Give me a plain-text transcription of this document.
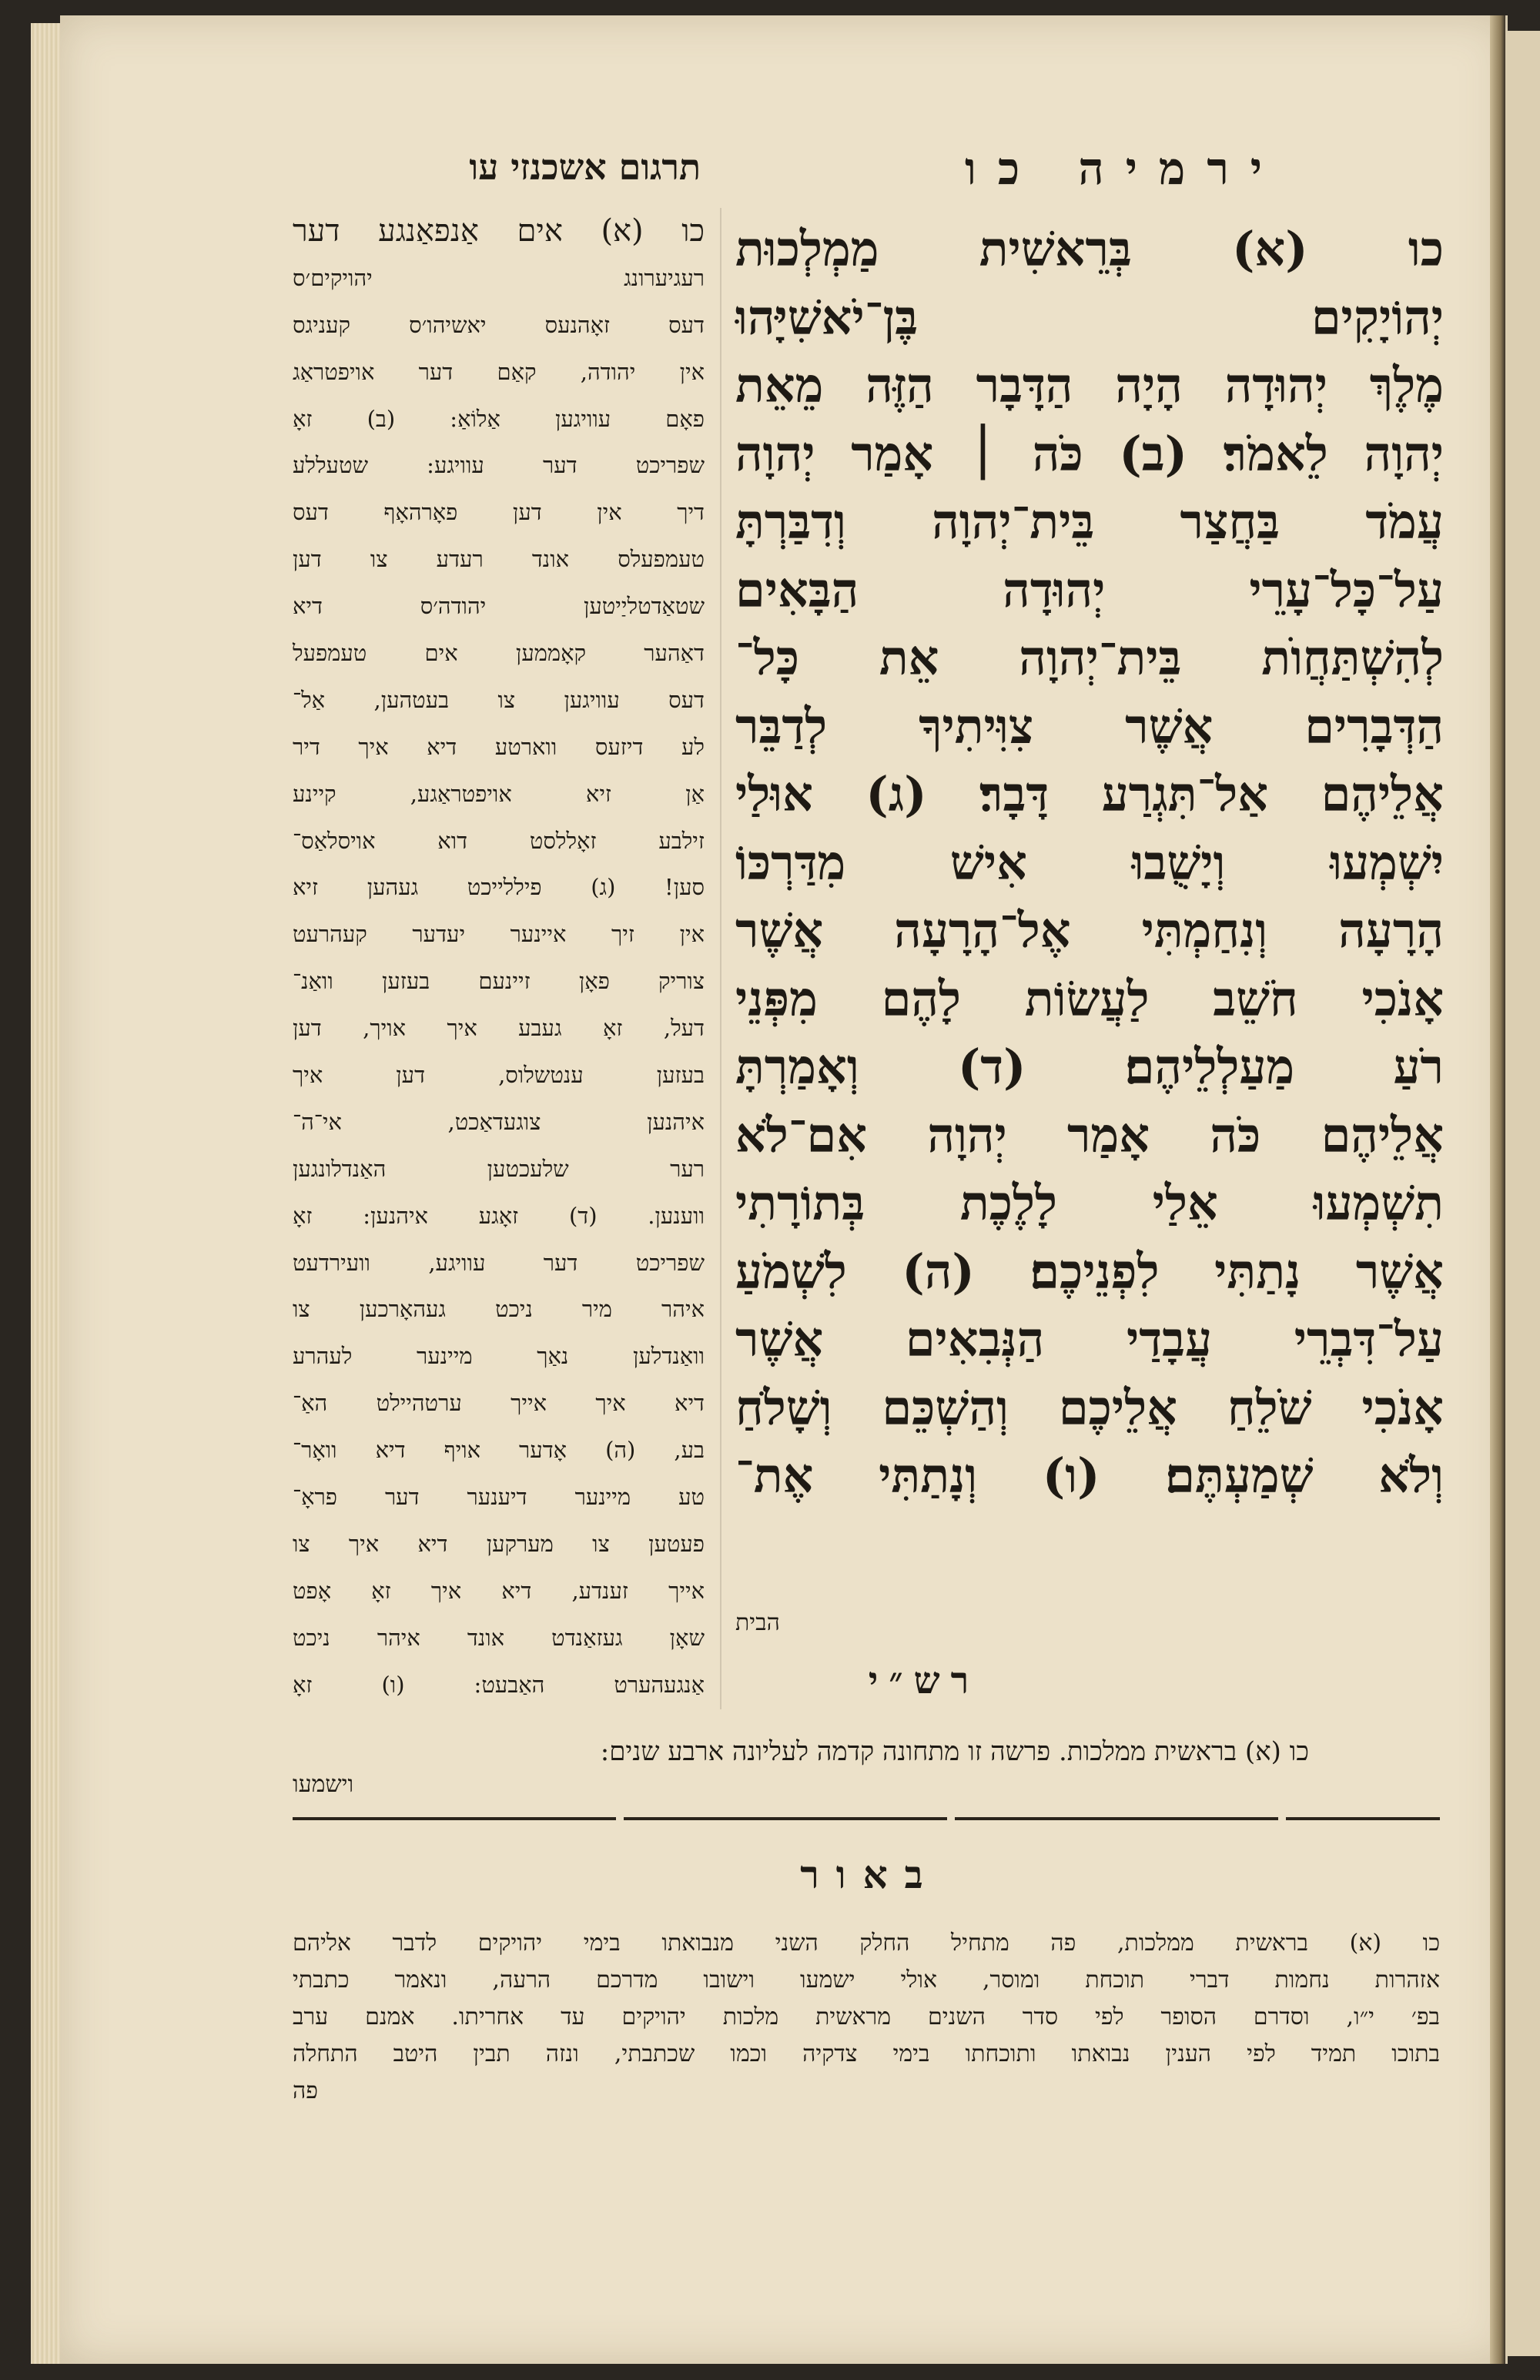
ירמיה כו
תרגום אשכנזי עו
כו (א) בְּרֵאשִׁית מַמְלְכוּת
יְהוֹיָקִים בֶּן־יֹאשִׁיָּהוּ
מֶלֶךְ יְהוּדָה הָיָה הַדָּבָר הַזֶּה מֵאֵת
יְהוָה לֵאמֹר׃ (ב) כֹּה ׀ אָמַר יְהוָה
עֲמֹד בַּחֲצַר בֵּית־יְהוָה וְדִבַּרְתָּ
עַל־כָּל־עָרֵי יְהוּדָה הַבָּאִים
לְהִשְׁתַּחֲוֺת בֵּית־יְהוָה אֵת כָּל־
הַדְּבָרִים אֲשֶׁר צִוִּיתִיךָ לְדַבֵּר
אֲלֵיהֶם אַל־תִּגְרַע דָּבָר׃ (ג) אוּלַי
יִשְׁמְעוּ וְיָשֻׁבוּ אִישׁ מִדַּרְכּוֹ
הָרָעָה וְנִחַמְתִּי אֶל־הָרָעָה אֲשֶׁר
אָנֹכִי חֹשֵׁב לַעֲשׂוֹת לָהֶם מִפְּנֵי
רֹעַ מַעַלְלֵיהֶם׃ (ד) וְאָמַרְתָּ
אֲלֵיהֶם כֹּה אָמַר יְהוָה אִם־לֹא
תִשְׁמְעוּ אֵלַי לָלֶכֶת בְּתוֹרָתִי
אֲשֶׁר נָתַתִּי לִפְנֵיכֶם׃ (ה) לִשְׁמֹעַ
עַל־דִּבְרֵי עֲבָדַי הַנְּבִאִים אֲשֶׁר
אָנֹכִי שֹׁלֵחַ אֲלֵיכֶם וְהַשְׁכֵּם וְשָׁלֹחַ
וְלֹא שְׁמַעְתֶּם׃ (ו) וְנָתַתִּי אֶת־
הבית
רש״י
כו (א) אים אַנפאַנגע דער
רעגיערונג יהויקים׳ס
דעס זאָהנעס יאשיהו׳ס קעניגס
אין יהודה, קאַם דער אויפטראַג
פאָם עוויגען אַלוֹאַ: (ב) זאָ
שפריכט דער עוויגע: שטעללע
דיך אין דען פאָרהאָף דעס
טעמפעלס אונד רעדע צו דען
שטאַדטליַיטען יהודה׳ס דיא
דאַהער קאָממען אים טעמפעל
דעס עוויגען צו בעטהען, אַל־
לע דיזעס ווארטע דיא איך דיר
אַן זיא אויפטראַגע, קיינע
זילבע זאָללסט דוא אויסלאַס־
סען! (ג) פיללייכט געהען זיא
אין זיך איינער יעדער קעהרעט
צוריק פאָן זיינעם בעזען וואַנ־
דעל, זאָ געבע איך אויך, דען
בעזען ענטשלוס, דען איך
איהנען צוגעדאַכט, אי־ה־
רער שלעכטען האַנדלונגען
ווענען. (ד) זאָגע איהנען: זאָ
שפריכט דער עוויגע, וועירדעט
איהר מיר ניכט געהאָרכען צו
וואַנדלען נאַך מיינער לעהרע
דיא איך אייך ערטהיילט האַ־
בע, (ה) אָדער אויף דיא וואָר־
טע מיינער דיענער דער פראָ־
פעטען צו מערקען דיא איך צו
אייך זענדע, דיא איך זאָ אָפט
שאָן געזאַנדט אונד איהר ניכט
אַנגעהערט האַבעט: (ו) זאָ
כו (א) בראשית ממלכות. פרשה זו מתחונה קדמה לעליונה ארבע שנים:
וישמעו
באור
כו (א) בראשית ממלכות, פה מתחיל החלק השני מנבואתו בימי יהויקים לדבר אליהם
אזהרות נחמות דברי תוכחת ומוסר, אולי ישמעו וישובו מדרכם הרעה, ונאמר כתבתי
בפ׳ י״ו, וסדרם הסופר לפי סדר השנים מראשית מלכות יהויקים עד אחריתו. אמנם ערב
בתוכו תמיד לפי הענין נבואתו ותוכחתו בימי צדקיה וכמו שכתבתי, ונזה תבין היטב התחלה
פה
